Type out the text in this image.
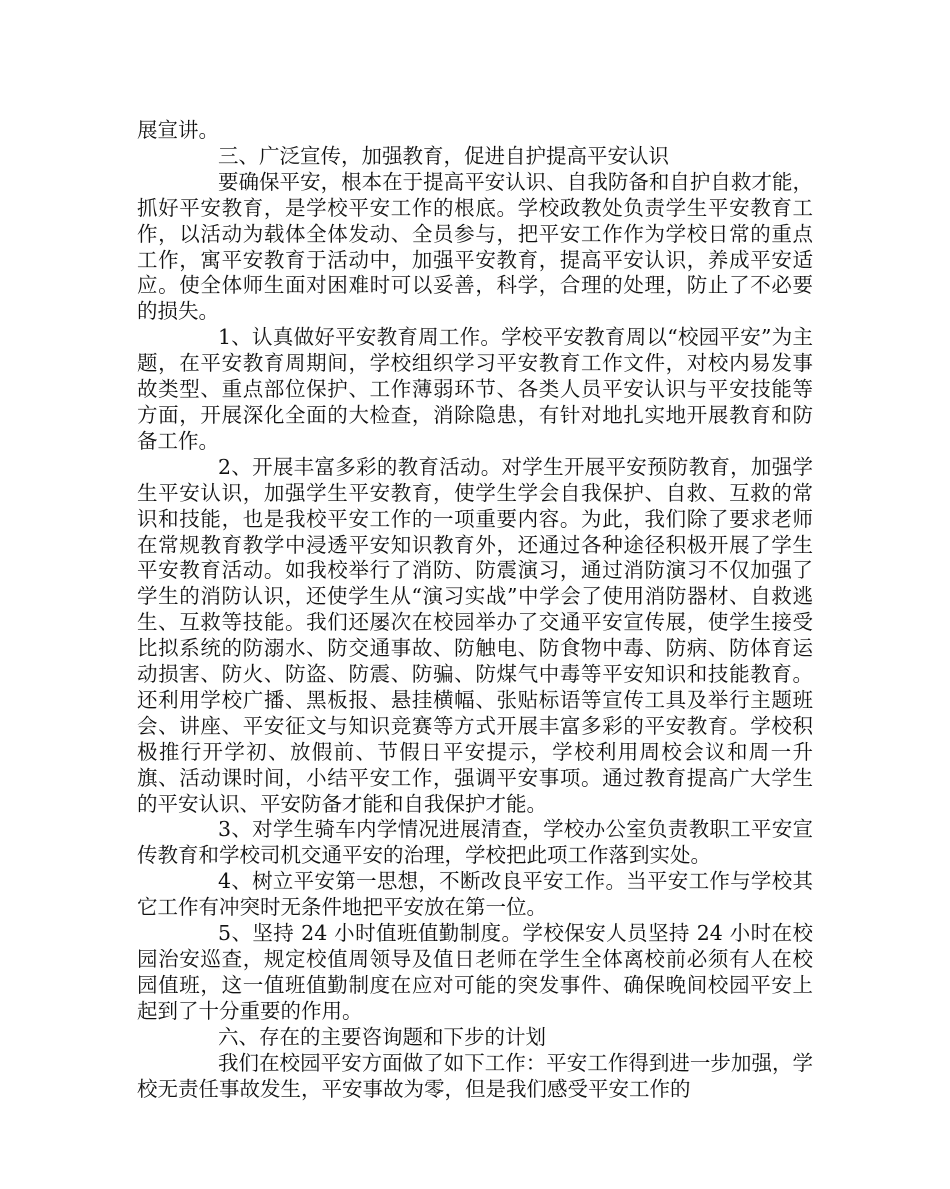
展宣讲。

三、广泛宣传，加强教育，促进自护提高平安认识

要确保平安，根本在于提高平安认识、自我防备和自护自救才能，抓好平安教育，是学校平安工作的根底。学校政教处负责学生平安教育工作，以活动为载体全体发动、全员参与，把平安工作作为学校日常的重点工作，寓平安教育于活动中，加强平安教育，提高平安认识，养成平安适应。使全体师生面对困难时可以妥善，科学，合理的处理，防止了不必要的损失。

1、认真做好平安教育周工作。学校平安教育周以“校园平安”为主题，在平安教育周期间，学校组织学习平安教育工作文件，对校内易发事故类型、重点部位保护、工作薄弱环节、各类人员平安认识与平安技能等方面，开展深化全面的大检查，消除隐患，有针对地扎实地开展教育和防备工作。

2、开展丰富多彩的教育活动。对学生开展平安预防教育，加强学生平安认识，加强学生平安教育，使学生学会自我保护、自救、互救的常识和技能，也是我校平安工作的一项重要内容。为此，我们除了要求老师在常规教育教学中浸透平安知识教育外，还通过各种途径积极开展了学生平安教育活动。如我校举行了消防、防震演习，通过消防演习不仅加强了学生的消防认识，还使学生从“演习实战”中学会了使用消防器材、自救逃生、互救等技能。我们还屡次在校园举办了交通平安宣传展，使学生接受比拟系统的防溺水、防交通事故、防触电、防食物中毒、防病、防体育运动损害、防火、防盗、防震、防骗、防煤气中毒等平安知识和技能教育。还利用学校广播、黑板报、悬挂横幅、张贴标语等宣传工具及举行主题班会、讲座、平安征文与知识竞赛等方式开展丰富多彩的平安教育。学校积极推行开学初、放假前、节假日平安提示，学校利用周校会议和周一升旗、活动课时间，小结平安工作，强调平安事项。通过教育提高广大学生的平安认识、平安防备才能和自我保护才能。

3、对学生骑车内学情况进展清查，学校办公室负责教职工平安宣传教育和学校司机交通平安的治理，学校把此项工作落到实处。

4、树立平安第一思想，不断改良平安工作。当平安工作与学校其它工作有冲突时无条件地把平安放在第一位。

5、坚持 24 小时值班值勤制度。学校保安人员坚持 24 小时在校园治安巡查，规定校值周领导及值日老师在学生全体离校前必须有人在校园值班，这一值班值勤制度在应对可能的突发事件、确保晚间校园平安上起到了十分重要的作用。

六、存在的主要咨询题和下步的计划

我们在校园平安方面做了如下工作：平安工作得到进一步加强，学校无责任事故发生，平安事故为零，但是我们感受平安工作的
